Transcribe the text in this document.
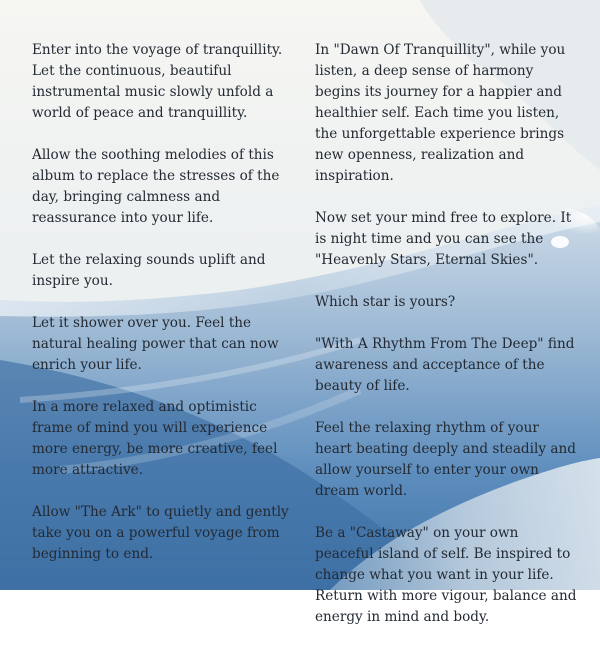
Enter into the voyage of tranquillity. Let the continuous, beautiful instrumental music slowly unfold a world of peace and tranquillity.

Allow the soothing melodies of this album to replace the stresses of the day, bringing calmness and reassurance into your life.

Let the relaxing sounds uplift and inspire you.

Let it shower over you. Feel the natural healing power that can now enrich your life.

In a more relaxed and optimistic frame of mind you will experience more energy, be more creative, feel more attractive.

Allow "The Ark" to quietly and gently take you on a powerful voyage from beginning to end.

In "Dawn Of Tranquillity", while you listen, a deep sense of harmony begins its journey for a happier and healthier self. Each time you listen, the unforgettable experience brings new openness, realization and inspiration.

Now set your mind free to explore. It is night time and you can see the "Heavenly Stars, Eternal Skies".

Which star is yours?

"With A Rhythm From The Deep" find awareness and acceptance of the beauty of life.

Feel the relaxing rhythm of your heart beating deeply and steadily and allow yourself to enter your own dream world.

Be a "Castaway" on your own peaceful island of self. Be inspired to change what you want in your life. Return with more vigour, balance and energy in mind and body.
